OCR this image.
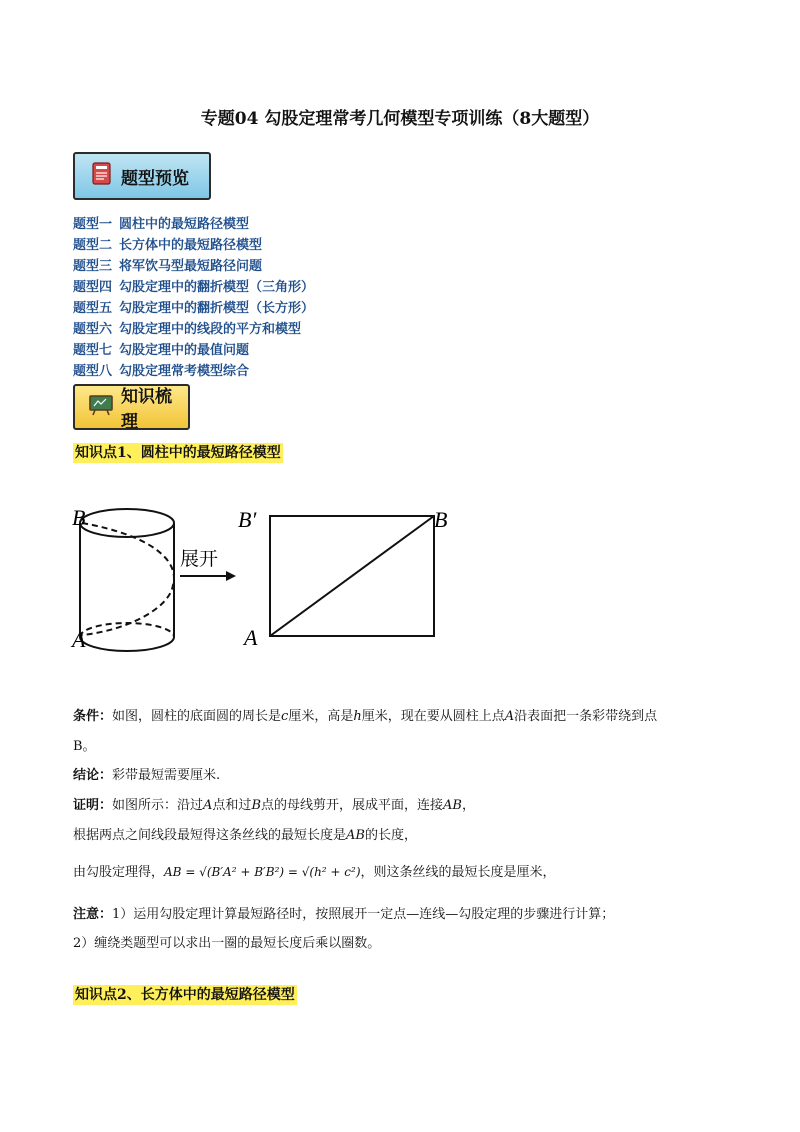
专题04 勾股定理常考几何模型专项训练（8大题型）
题型预览
题型一 圆柱中的最短路径模型
题型二 长方体中的最短路径模型
题型三 将军饮马型最短路径问题
题型四 勾股定理中的翻折模型（三角形）
题型五 勾股定理中的翻折模型（长方形）
题型六 勾股定理中的线段的平方和模型
题型七 勾股定理中的最值问题
题型八 勾股定理常考模型综合
知识梳理
知识点1、圆柱中的最短路径模型
B
A
展开
B′	B
A
条件：如图，圆柱的底面圆的周长是c厘米，高是h厘米，现在要从圆柱上点A沿表面把一条彩带绕到点
B。
结论：彩带最短需要厘米.
证明：如图所示：沿过A点和过B点的母线剪开，展成平面，连接AB，
根据两点之间线段最短得这条丝线的最短长度是AB的长度，
由勾股定理得，AB = √(B′A² + B′B²) = √(h² + c²)，则这条丝线的最短长度是厘米，
注意：1）运用勾股定理计算最短路径时，按照展开一定点—连线—勾股定理的步骤进行计算；
2）缠绕类题型可以求出一圈的最短长度后乘以圈数。
知识点2、长方体中的最短路径模型
